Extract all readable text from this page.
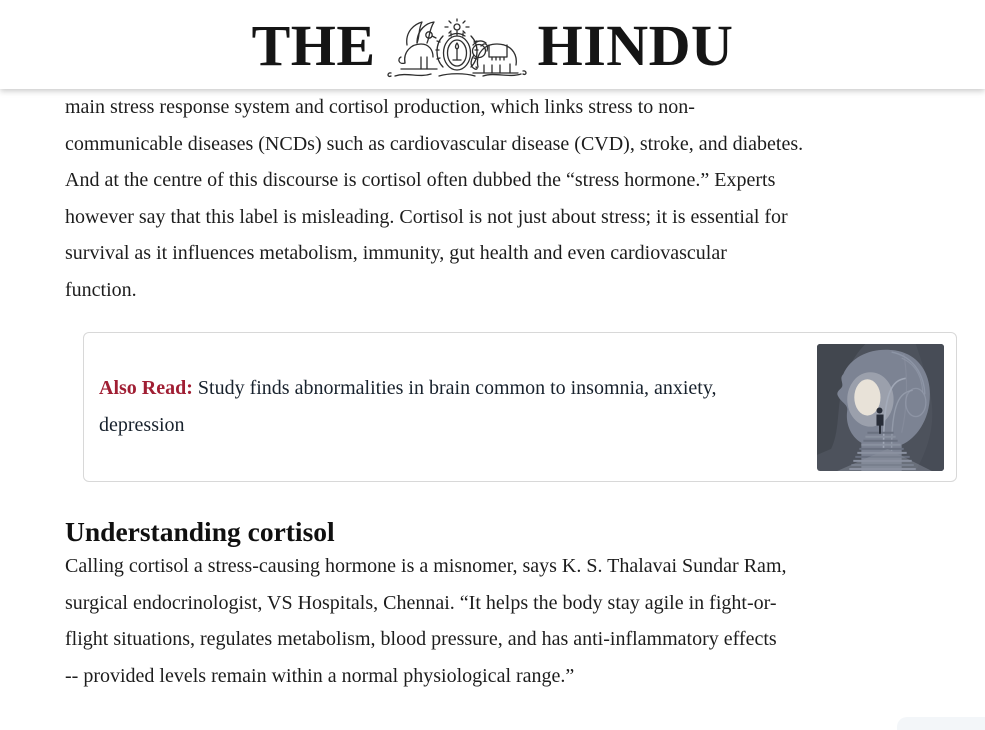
THE	HINDU

main stress response system and cortisol production, which links stress to non-
communicable diseases (NCDs) such as cardiovascular disease (CVD), stroke, and diabetes.

And at the centre of this discourse is cortisol often dubbed the “stress hormone.” Experts
however say that this label is misleading. Cortisol is not just about stress; it is essential for
survival as it influences metabolism, immunity, gut health and even cardiovascular
function.

Also Read: Study finds abnormalities in brain common to insomnia, anxiety, depression
Understanding cortisol

Calling cortisol a stress-causing hormone is a misnomer, says K. S. Thalavai Sundar Ram,
surgical endocrinologist, VS Hospitals, Chennai. “It helps the body stay agile in fight-or-
flight situations, regulates metabolism, blood pressure, and has anti-inflammatory effects
-- provided levels remain within a normal physiological range.”
